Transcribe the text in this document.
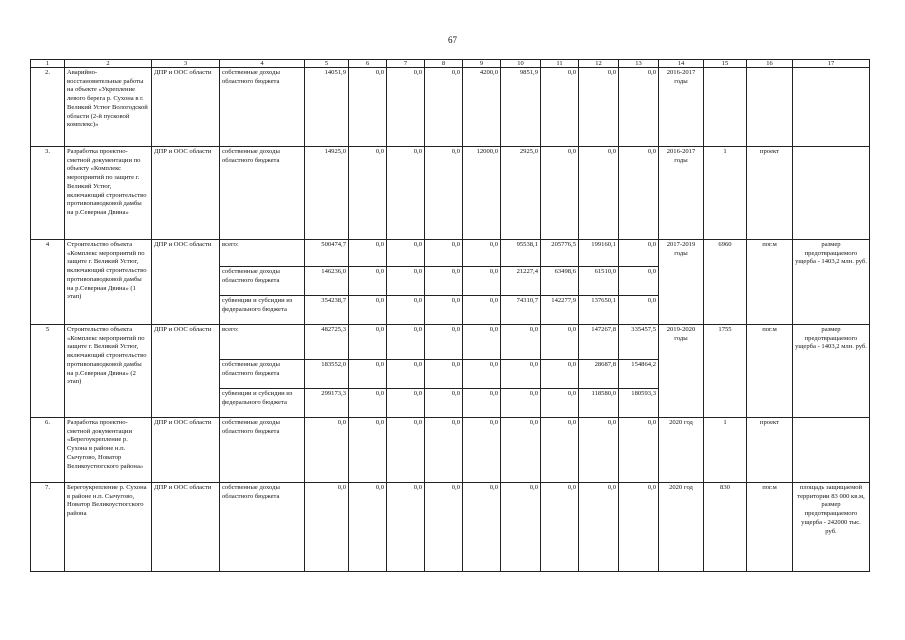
67
1	2	3	4	5	6	7	8	9	10	11	12	13	14	15	16	17
2.	Аварийно-восстановительные работы на объекте «Укрепление левого берега р. Сухона в г. Великий Устюг Вологодской области (2-й пусковой комплекс)»	ДПР и ООС области	собственные доходы областного бюджета	14051,9	0,0	0,0	0,0	4200,0	9851,9	0,0	0,0	0,0	2016-2017 годы			
3.	Разработка проектно-сметной документации по объекту «Комплекс мероприятий по защите г. Великий Устюг, включающий строительство противопаводковой дамбы на р.Северная Двина»	ДПР и ООС области	собственные доходы областного бюджета	14925,0	0,0	0,0	0,0	12000,0	2925,0	0,0	0,0	0,0	2016-2017 годы	1	проект	
4	Строительство объекта «Комплекс мероприятий по защите г. Великий Устюг, включающий строительство противопаводковой дамбы на р.Северная Двина» (1 этап)	ДПР и ООС области	всего:	500474,7	0,0	0,0	0,0	0,0	95538,1	205776,5	199160,1	0,0	2017-2019 годы	6960	пог.м	размер предотвращаемого ущерба - 1403,2 млн. руб.
			собственные доходы областного бюджета	146236,0	0,0	0,0	0,0	0,0	21227,4	63498,6	61510,0	0,0				
			субвенции и субсидии из федерального бюджета	354238,7	0,0	0,0	0,0	0,0	74310,7	142277,9	137650,1	0,0				
5	Строительство объекта «Комплекс мероприятий по защите г. Великий Устюг, включающий строительство противопаводковой дамбы на р.Северная Двина» (2 этап)	ДПР и ООС области	всего:	482725,3	0,0	0,0	0,0	0,0	0,0	0,0	147267,8	335457,5	2019-2020 годы	1755	пог.м	размер предотвращаемого ущерба - 1403,2 млн. руб.
			собственные доходы областного бюджета	183552,0	0,0	0,0	0,0	0,0	0,0	0,0	28687,8	154864,2				
			субвенции и субсидии из федерального бюджета	299173,3	0,0	0,0	0,0	0,0	0,0	0,0	118580,0	180593,3				
6.	Разработка проектно-сметной документации «Берегоукрепление р. Сухона в районе н.п. Сычугово, Новатор Великоустюгского района»	ДПР и ООС области	собственные доходы областного бюджета	0,0	0,0	0,0	0,0	0,0	0,0	0,0	0,0	0,0	2020 год	1	проект	
7.	Берегоукрепление р. Сухона в районе н.п. Сычугово, Новатор Великоустюгского района	ДПР и ООС области	собственные доходы областного бюджета	0,0	0,0	0,0	0,0	0,0	0,0	0,0	0,0	0,0	2020 год	830	пог.м	площадь защищаемой территории 83 000 кв.м, размер предотвращаемого ущерба - 242000 тыс. руб.
